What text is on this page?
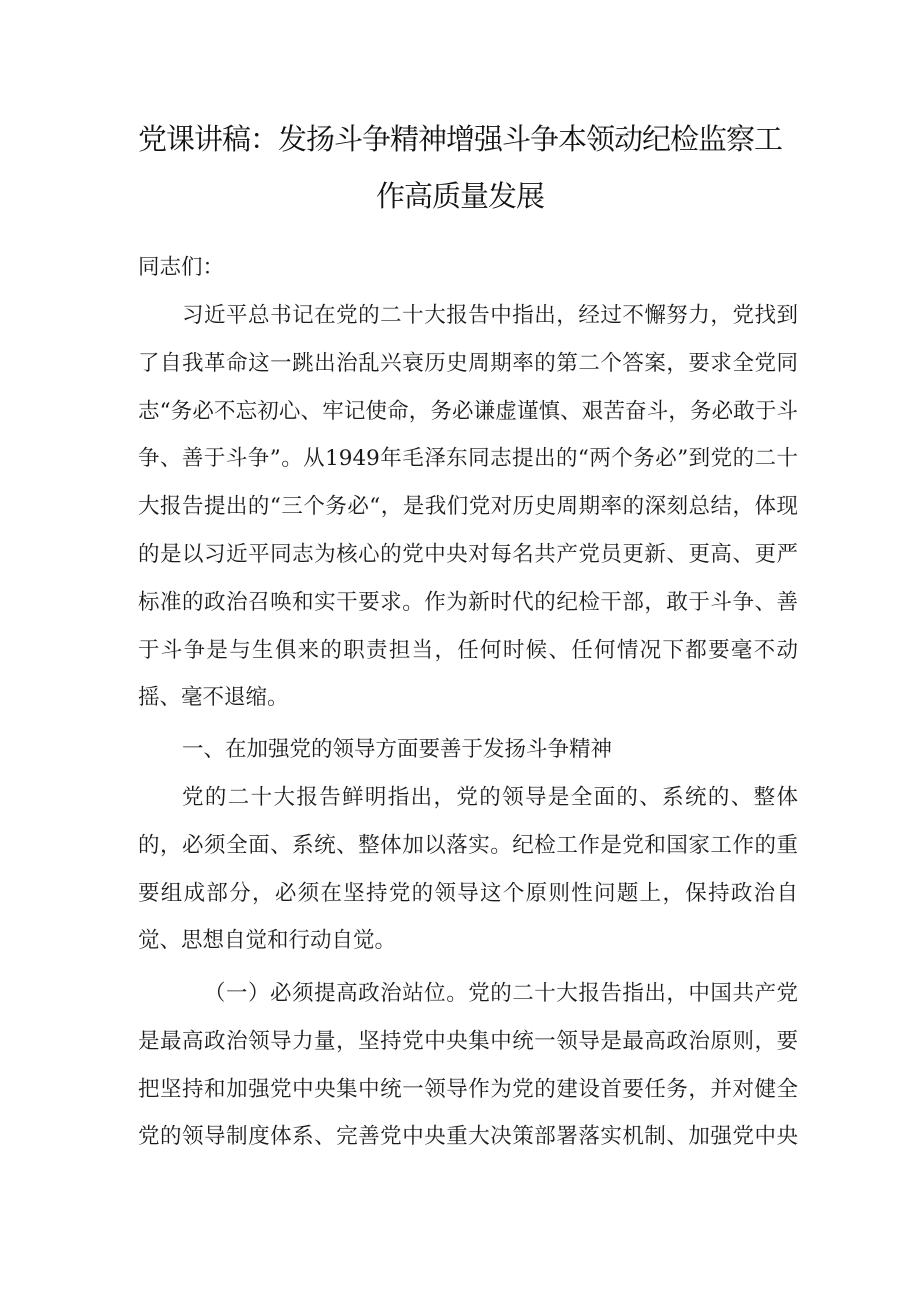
党课讲稿：发扬斗争精神增强斗争本领动纪检监察工
作高质量发展
同志们：

习近平总书记在党的二十大报告中指出，经过不懈努力，党找到了自我革命这一跳出治乱兴衰历史周期率的第二个答案，要求全党同志“务必不忘初心、牢记使命，务必谦虚谨慎、艰苦奋斗，务必敢于斗争、善于斗争”。从1949年毛泽东同志提出的“两个务必”到党的二十大报告提出的“三个务必“，是我们党对历史周期率的深刻总结，体现的是以习近平同志为核心的党中央对每名共产党员更新、更高、更严标准的政治召唤和实干要求。作为新时代的纪检干部，敢于斗争、善于斗争是与生俱来的职责担当，任何时候、任何情况下都要毫不动摇、毫不退缩。

一、在加强党的领导方面要善于发扬斗争精神

党的二十大报告鲜明指出，党的领导是全面的、系统的、整体的，必须全面、系统、整体加以落实。纪检工作是党和国家工作的重要组成部分，必须在坚持党的领导这个原则性问题上，保持政治自觉、思想自觉和行动自觉。

（一）必须提高政治站位。党的二十大报告指出，中国共产党是最高政治领导力量，坚持党中央集中统一领导是最高政治原则，要把坚持和加强党中央集中统一领导作为党的建设首要任务，并对健全党的领导制度体系、完善党中央重大决策部署落实机制、加强党中央
